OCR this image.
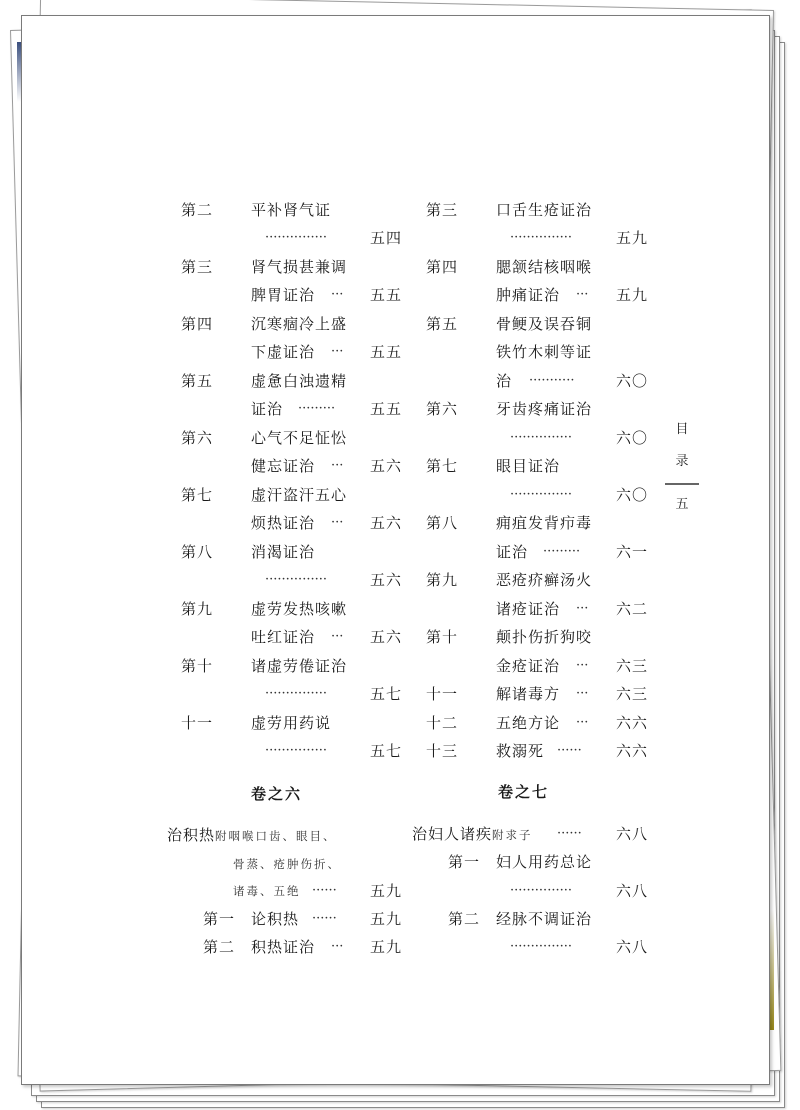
第二	平补肾气证
···············	五四
第三	肾气损甚兼调
脾胃证治 ··· 五五
第四	沉寒痼冷上盛
下虚证治 ··· 五五
第五	虚惫白浊遗精
证治 ········· 五五
第六	心气不足怔忪
健忘证治 ··· 五六
第七	虚汗盗汗五心
烦热证治 ··· 五六
第八	消渴证治
···············	五六
第九	虚劳发热咳嗽
吐红证治 ··· 五六
第十	诸虚劳倦证治
···············	五七
十一	虚劳用药说
···············	五七
卷之六
治积热附咽喉口齿、眼目、
骨蒸、疮肿伤折、
诸毒、五绝 ······ 五九
第一	论积热 ······ 五九
第二	积热证治 ··· 五九
第三	口舌生疮证治
···············	五九
第四	腮颔结核咽喉
肿痛证治 ··· 五九
第五	骨鲠及误吞铜
铁竹木刺等证
治 ···········	六〇
第六	牙齿疼痛证治
···············	六〇
第七	眼目证治
···············	六〇
第八	痈疽发背疖毒
证治 ········· 六一
第九	恶疮疥癣汤火
诸疮证治 ··· 六二
第十	颠扑伤折狗咬
金疮证治 ··· 六三
十一	解诸毒方 ··· 六三
十二	五绝方论 ··· 六六
十三	救溺死 ······ 六六
卷之七
治妇人诸疾附求子 ······ 六八
第一	妇人用药总论
···············	六八
第二	经脉不调证治
···············	六八
目
录
五
